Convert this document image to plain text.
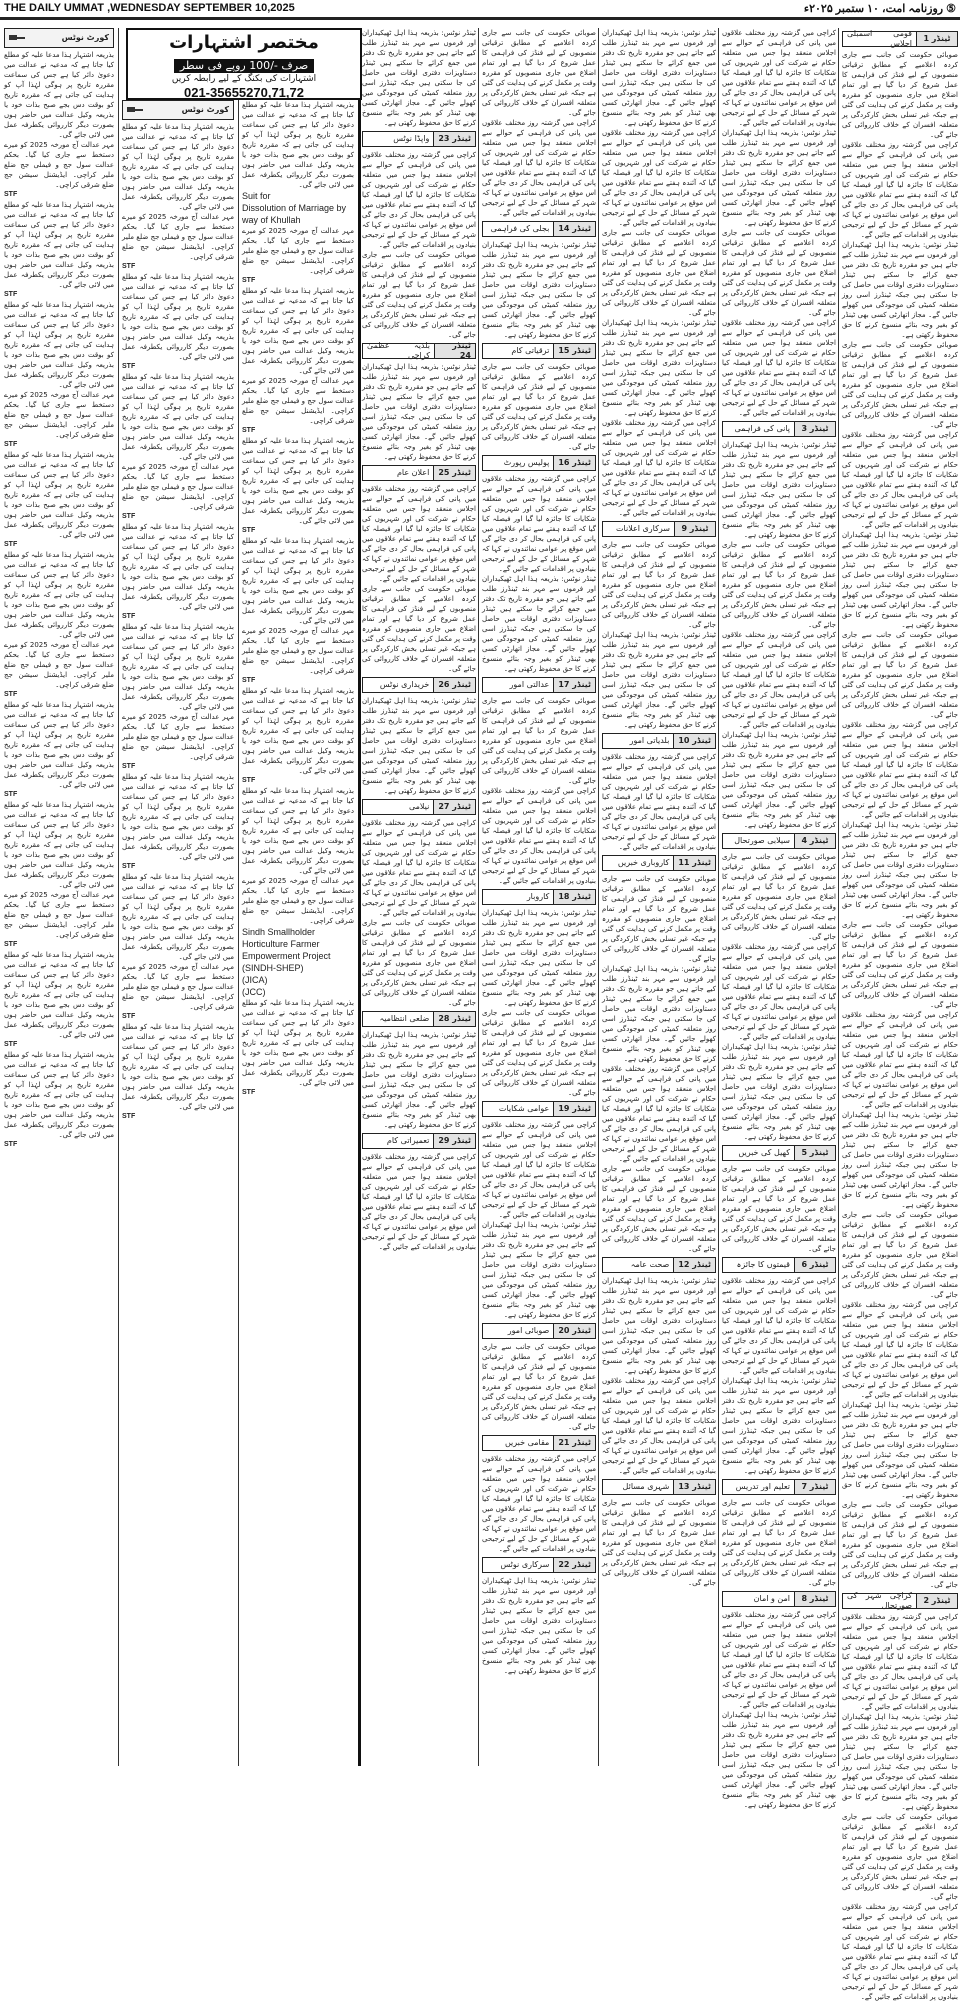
THE DAILY UMMAT ,WEDNESDAY SEPTEMBER 10,2025	⑤ روزنامہ امت، ۱۰ ستمبر ۲۰۲۵ء
ٹینڈر 1
قومی اسمبلی اجلاس
صوبائی حکومت کی جانب سے جاری کردہ اعلامیے کے مطابق ترقیاتی منصوبوں کے لیے فنڈز کی فراہمی کا عمل شروع کر دیا گیا ہے اور تمام اضلاع میں جاری منصوبوں کو مقررہ وقت پر مکمل کرنے کی ہدایت کی گئی ہے جبکہ غیر تسلی بخش کارکردگی پر متعلقہ افسران کے خلاف کارروائی کی جائے گی۔
کراچی میں گزشتہ روز مختلف علاقوں میں پانی کی فراہمی کے حوالے سے اجلاس منعقد ہوا جس میں متعلقہ حکام نے شرکت کی اور شہریوں کی شکایات کا جائزہ لیا گیا اور فیصلہ کیا گیا کہ آئندہ ہفتے سے تمام علاقوں میں پانی کی فراہمی بحال کر دی جائے گی اس موقع پر عوامی نمائندوں نے کہا کہ شہر کے مسائل کے حل کے لیے ترجیحی بنیادوں پر اقدامات کیے جائیں گے۔
ٹینڈر نوٹس: بذریعہ ہذا اہل ٹھیکیداران اور فرموں سے مہر بند ٹینڈرز طلب کیے جاتے ہیں جو مقررہ تاریخ تک دفتر میں جمع کرائے جا سکتے ہیں ٹینڈر دستاویزات دفتری اوقات میں حاصل کی جا سکتی ہیں جبکہ ٹینڈرز اسی روز متعلقہ کمیٹی کی موجودگی میں کھولے جائیں گے۔ مجاز اتھارٹی کسی بھی ٹینڈر کو بغیر وجہ بتائے منسوخ کرنے کا حق محفوظ رکھتی ہے۔
صوبائی حکومت کی جانب سے جاری کردہ اعلامیے کے مطابق ترقیاتی منصوبوں کے لیے فنڈز کی فراہمی کا عمل شروع کر دیا گیا ہے اور تمام اضلاع میں جاری منصوبوں کو مقررہ وقت پر مکمل کرنے کی ہدایت کی گئی ہے جبکہ غیر تسلی بخش کارکردگی پر متعلقہ افسران کے خلاف کارروائی کی جائے گی۔
کراچی میں گزشتہ روز مختلف علاقوں میں پانی کی فراہمی کے حوالے سے اجلاس منعقد ہوا جس میں متعلقہ حکام نے شرکت کی اور شہریوں کی شکایات کا جائزہ لیا گیا اور فیصلہ کیا گیا کہ آئندہ ہفتے سے تمام علاقوں میں پانی کی فراہمی بحال کر دی جائے گی اس موقع پر عوامی نمائندوں نے کہا کہ شہر کے مسائل کے حل کے لیے ترجیحی بنیادوں پر اقدامات کیے جائیں گے۔
ٹینڈر نوٹس: بذریعہ ہذا اہل ٹھیکیداران اور فرموں سے مہر بند ٹینڈرز طلب کیے جاتے ہیں جو مقررہ تاریخ تک دفتر میں جمع کرائے جا سکتے ہیں ٹینڈر دستاویزات دفتری اوقات میں حاصل کی جا سکتی ہیں جبکہ ٹینڈرز اسی روز متعلقہ کمیٹی کی موجودگی میں کھولے جائیں گے۔ مجاز اتھارٹی کسی بھی ٹینڈر کو بغیر وجہ بتائے منسوخ کرنے کا حق محفوظ رکھتی ہے۔
صوبائی حکومت کی جانب سے جاری کردہ اعلامیے کے مطابق ترقیاتی منصوبوں کے لیے فنڈز کی فراہمی کا عمل شروع کر دیا گیا ہے اور تمام اضلاع میں جاری منصوبوں کو مقررہ وقت پر مکمل کرنے کی ہدایت کی گئی ہے جبکہ غیر تسلی بخش کارکردگی پر متعلقہ افسران کے خلاف کارروائی کی جائے گی۔
کراچی میں گزشتہ روز مختلف علاقوں میں پانی کی فراہمی کے حوالے سے اجلاس منعقد ہوا جس میں متعلقہ حکام نے شرکت کی اور شہریوں کی شکایات کا جائزہ لیا گیا اور فیصلہ کیا گیا کہ آئندہ ہفتے سے تمام علاقوں میں پانی کی فراہمی بحال کر دی جائے گی اس موقع پر عوامی نمائندوں نے کہا کہ شہر کے مسائل کے حل کے لیے ترجیحی بنیادوں پر اقدامات کیے جائیں گے۔
ٹینڈر نوٹس: بذریعہ ہذا اہل ٹھیکیداران اور فرموں سے مہر بند ٹینڈرز طلب کیے جاتے ہیں جو مقررہ تاریخ تک دفتر میں جمع کرائے جا سکتے ہیں ٹینڈر دستاویزات دفتری اوقات میں حاصل کی جا سکتی ہیں جبکہ ٹینڈرز اسی روز متعلقہ کمیٹی کی موجودگی میں کھولے جائیں گے۔ مجاز اتھارٹی کسی بھی ٹینڈر کو بغیر وجہ بتائے منسوخ کرنے کا حق محفوظ رکھتی ہے۔
صوبائی حکومت کی جانب سے جاری کردہ اعلامیے کے مطابق ترقیاتی منصوبوں کے لیے فنڈز کی فراہمی کا عمل شروع کر دیا گیا ہے اور تمام اضلاع میں جاری منصوبوں کو مقررہ وقت پر مکمل کرنے کی ہدایت کی گئی ہے جبکہ غیر تسلی بخش کارکردگی پر متعلقہ افسران کے خلاف کارروائی کی جائے گی۔
کراچی میں گزشتہ روز مختلف علاقوں میں پانی کی فراہمی کے حوالے سے اجلاس منعقد ہوا جس میں متعلقہ حکام نے شرکت کی اور شہریوں کی شکایات کا جائزہ لیا گیا اور فیصلہ کیا گیا کہ آئندہ ہفتے سے تمام علاقوں میں پانی کی فراہمی بحال کر دی جائے گی اس موقع پر عوامی نمائندوں نے کہا کہ شہر کے مسائل کے حل کے لیے ترجیحی بنیادوں پر اقدامات کیے جائیں گے۔
ٹینڈر نوٹس: بذریعہ ہذا اہل ٹھیکیداران اور فرموں سے مہر بند ٹینڈرز طلب کیے جاتے ہیں جو مقررہ تاریخ تک دفتر میں جمع کرائے جا سکتے ہیں ٹینڈر دستاویزات دفتری اوقات میں حاصل کی جا سکتی ہیں جبکہ ٹینڈرز اسی روز متعلقہ کمیٹی کی موجودگی میں کھولے جائیں گے۔ مجاز اتھارٹی کسی بھی ٹینڈر کو بغیر وجہ بتائے منسوخ کرنے کا حق محفوظ رکھتی ہے۔
صوبائی حکومت کی جانب سے جاری کردہ اعلامیے کے مطابق ترقیاتی منصوبوں کے لیے فنڈز کی فراہمی کا عمل شروع کر دیا گیا ہے اور تمام اضلاع میں جاری منصوبوں کو مقررہ وقت پر مکمل کرنے کی ہدایت کی گئی ہے جبکہ غیر تسلی بخش کارکردگی پر متعلقہ افسران کے خلاف کارروائی کی جائے گی۔
کراچی میں گزشتہ روز مختلف علاقوں میں پانی کی فراہمی کے حوالے سے اجلاس منعقد ہوا جس میں متعلقہ حکام نے شرکت کی اور شہریوں کی شکایات کا جائزہ لیا گیا اور فیصلہ کیا گیا کہ آئندہ ہفتے سے تمام علاقوں میں پانی کی فراہمی بحال کر دی جائے گی اس موقع پر عوامی نمائندوں نے کہا کہ شہر کے مسائل کے حل کے لیے ترجیحی بنیادوں پر اقدامات کیے جائیں گے۔
ٹینڈر نوٹس: بذریعہ ہذا اہل ٹھیکیداران اور فرموں سے مہر بند ٹینڈرز طلب کیے جاتے ہیں جو مقررہ تاریخ تک دفتر میں جمع کرائے جا سکتے ہیں ٹینڈر دستاویزات دفتری اوقات میں حاصل کی جا سکتی ہیں جبکہ ٹینڈرز اسی روز متعلقہ کمیٹی کی موجودگی میں کھولے جائیں گے۔ مجاز اتھارٹی کسی بھی ٹینڈر کو بغیر وجہ بتائے منسوخ کرنے کا حق محفوظ رکھتی ہے۔
صوبائی حکومت کی جانب سے جاری کردہ اعلامیے کے مطابق ترقیاتی منصوبوں کے لیے فنڈز کی فراہمی کا عمل شروع کر دیا گیا ہے اور تمام اضلاع میں جاری منصوبوں کو مقررہ وقت پر مکمل کرنے کی ہدایت کی گئی ہے جبکہ غیر تسلی بخش کارکردگی پر متعلقہ افسران کے خلاف کارروائی کی جائے گی۔
ٹینڈر 2
کراچی شہر کی صورتحال
کراچی میں گزشتہ روز مختلف علاقوں میں پانی کی فراہمی کے حوالے سے اجلاس منعقد ہوا جس میں متعلقہ حکام نے شرکت کی اور شہریوں کی شکایات کا جائزہ لیا گیا اور فیصلہ کیا گیا کہ آئندہ ہفتے سے تمام علاقوں میں پانی کی فراہمی بحال کر دی جائے گی اس موقع پر عوامی نمائندوں نے کہا کہ شہر کے مسائل کے حل کے لیے ترجیحی بنیادوں پر اقدامات کیے جائیں گے۔
ٹینڈر نوٹس: بذریعہ ہذا اہل ٹھیکیداران اور فرموں سے مہر بند ٹینڈرز طلب کیے جاتے ہیں جو مقررہ تاریخ تک دفتر میں جمع کرائے جا سکتے ہیں ٹینڈر دستاویزات دفتری اوقات میں حاصل کی جا سکتی ہیں جبکہ ٹینڈرز اسی روز متعلقہ کمیٹی کی موجودگی میں کھولے جائیں گے۔ مجاز اتھارٹی کسی بھی ٹینڈر کو بغیر وجہ بتائے منسوخ کرنے کا حق محفوظ رکھتی ہے۔
صوبائی حکومت کی جانب سے جاری کردہ اعلامیے کے مطابق ترقیاتی منصوبوں کے لیے فنڈز کی فراہمی کا عمل شروع کر دیا گیا ہے اور تمام اضلاع میں جاری منصوبوں کو مقررہ وقت پر مکمل کرنے کی ہدایت کی گئی ہے جبکہ غیر تسلی بخش کارکردگی پر متعلقہ افسران کے خلاف کارروائی کی جائے گی۔
کراچی میں گزشتہ روز مختلف علاقوں میں پانی کی فراہمی کے حوالے سے اجلاس منعقد ہوا جس میں متعلقہ حکام نے شرکت کی اور شہریوں کی شکایات کا جائزہ لیا گیا اور فیصلہ کیا گیا کہ آئندہ ہفتے سے تمام علاقوں میں پانی کی فراہمی بحال کر دی جائے گی اس موقع پر عوامی نمائندوں نے کہا کہ شہر کے مسائل کے حل کے لیے ترجیحی بنیادوں پر اقدامات کیے جائیں گے۔
کراچی میں گزشتہ روز مختلف علاقوں میں پانی کی فراہمی کے حوالے سے اجلاس منعقد ہوا جس میں متعلقہ حکام نے شرکت کی اور شہریوں کی شکایات کا جائزہ لیا گیا اور فیصلہ کیا گیا کہ آئندہ ہفتے سے تمام علاقوں میں پانی کی فراہمی بحال کر دی جائے گی اس موقع پر عوامی نمائندوں نے کہا کہ شہر کے مسائل کے حل کے لیے ترجیحی بنیادوں پر اقدامات کیے جائیں گے۔
ٹینڈر نوٹس: بذریعہ ہذا اہل ٹھیکیداران اور فرموں سے مہر بند ٹینڈرز طلب کیے جاتے ہیں جو مقررہ تاریخ تک دفتر میں جمع کرائے جا سکتے ہیں ٹینڈر دستاویزات دفتری اوقات میں حاصل کی جا سکتی ہیں جبکہ ٹینڈرز اسی روز متعلقہ کمیٹی کی موجودگی میں کھولے جائیں گے۔ مجاز اتھارٹی کسی بھی ٹینڈر کو بغیر وجہ بتائے منسوخ کرنے کا حق محفوظ رکھتی ہے۔
صوبائی حکومت کی جانب سے جاری کردہ اعلامیے کے مطابق ترقیاتی منصوبوں کے لیے فنڈز کی فراہمی کا عمل شروع کر دیا گیا ہے اور تمام اضلاع میں جاری منصوبوں کو مقررہ وقت پر مکمل کرنے کی ہدایت کی گئی ہے جبکہ غیر تسلی بخش کارکردگی پر متعلقہ افسران کے خلاف کارروائی کی جائے گی۔
کراچی میں گزشتہ روز مختلف علاقوں میں پانی کی فراہمی کے حوالے سے اجلاس منعقد ہوا جس میں متعلقہ حکام نے شرکت کی اور شہریوں کی شکایات کا جائزہ لیا گیا اور فیصلہ کیا گیا کہ آئندہ ہفتے سے تمام علاقوں میں پانی کی فراہمی بحال کر دی جائے گی اس موقع پر عوامی نمائندوں نے کہا کہ شہر کے مسائل کے حل کے لیے ترجیحی بنیادوں پر اقدامات کیے جائیں گے۔
ٹینڈر 3
پانی کی فراہمی
ٹینڈر نوٹس: بذریعہ ہذا اہل ٹھیکیداران اور فرموں سے مہر بند ٹینڈرز طلب کیے جاتے ہیں جو مقررہ تاریخ تک دفتر میں جمع کرائے جا سکتے ہیں ٹینڈر دستاویزات دفتری اوقات میں حاصل کی جا سکتی ہیں جبکہ ٹینڈرز اسی روز متعلقہ کمیٹی کی موجودگی میں کھولے جائیں گے۔ مجاز اتھارٹی کسی بھی ٹینڈر کو بغیر وجہ بتائے منسوخ کرنے کا حق محفوظ رکھتی ہے۔
صوبائی حکومت کی جانب سے جاری کردہ اعلامیے کے مطابق ترقیاتی منصوبوں کے لیے فنڈز کی فراہمی کا عمل شروع کر دیا گیا ہے اور تمام اضلاع میں جاری منصوبوں کو مقررہ وقت پر مکمل کرنے کی ہدایت کی گئی ہے جبکہ غیر تسلی بخش کارکردگی پر متعلقہ افسران کے خلاف کارروائی کی جائے گی۔
کراچی میں گزشتہ روز مختلف علاقوں میں پانی کی فراہمی کے حوالے سے اجلاس منعقد ہوا جس میں متعلقہ حکام نے شرکت کی اور شہریوں کی شکایات کا جائزہ لیا گیا اور فیصلہ کیا گیا کہ آئندہ ہفتے سے تمام علاقوں میں پانی کی فراہمی بحال کر دی جائے گی اس موقع پر عوامی نمائندوں نے کہا کہ شہر کے مسائل کے حل کے لیے ترجیحی بنیادوں پر اقدامات کیے جائیں گے۔
ٹینڈر نوٹس: بذریعہ ہذا اہل ٹھیکیداران اور فرموں سے مہر بند ٹینڈرز طلب کیے جاتے ہیں جو مقررہ تاریخ تک دفتر میں جمع کرائے جا سکتے ہیں ٹینڈر دستاویزات دفتری اوقات میں حاصل کی جا سکتی ہیں جبکہ ٹینڈرز اسی روز متعلقہ کمیٹی کی موجودگی میں کھولے جائیں گے۔ مجاز اتھارٹی کسی بھی ٹینڈر کو بغیر وجہ بتائے منسوخ کرنے کا حق محفوظ رکھتی ہے۔
ٹینڈر 4
سیلابی صورتحال
صوبائی حکومت کی جانب سے جاری کردہ اعلامیے کے مطابق ترقیاتی منصوبوں کے لیے فنڈز کی فراہمی کا عمل شروع کر دیا گیا ہے اور تمام اضلاع میں جاری منصوبوں کو مقررہ وقت پر مکمل کرنے کی ہدایت کی گئی ہے جبکہ غیر تسلی بخش کارکردگی پر متعلقہ افسران کے خلاف کارروائی کی جائے گی۔
کراچی میں گزشتہ روز مختلف علاقوں میں پانی کی فراہمی کے حوالے سے اجلاس منعقد ہوا جس میں متعلقہ حکام نے شرکت کی اور شہریوں کی شکایات کا جائزہ لیا گیا اور فیصلہ کیا گیا کہ آئندہ ہفتے سے تمام علاقوں میں پانی کی فراہمی بحال کر دی جائے گی اس موقع پر عوامی نمائندوں نے کہا کہ شہر کے مسائل کے حل کے لیے ترجیحی بنیادوں پر اقدامات کیے جائیں گے۔
ٹینڈر نوٹس: بذریعہ ہذا اہل ٹھیکیداران اور فرموں سے مہر بند ٹینڈرز طلب کیے جاتے ہیں جو مقررہ تاریخ تک دفتر میں جمع کرائے جا سکتے ہیں ٹینڈر دستاویزات دفتری اوقات میں حاصل کی جا سکتی ہیں جبکہ ٹینڈرز اسی روز متعلقہ کمیٹی کی موجودگی میں کھولے جائیں گے۔ مجاز اتھارٹی کسی بھی ٹینڈر کو بغیر وجہ بتائے منسوخ کرنے کا حق محفوظ رکھتی ہے۔
ٹینڈر 5
کھیل کی خبریں
صوبائی حکومت کی جانب سے جاری کردہ اعلامیے کے مطابق ترقیاتی منصوبوں کے لیے فنڈز کی فراہمی کا عمل شروع کر دیا گیا ہے اور تمام اضلاع میں جاری منصوبوں کو مقررہ وقت پر مکمل کرنے کی ہدایت کی گئی ہے جبکہ غیر تسلی بخش کارکردگی پر متعلقہ افسران کے خلاف کارروائی کی جائے گی۔
ٹینڈر 6
قیمتوں کا جائزہ
کراچی میں گزشتہ روز مختلف علاقوں میں پانی کی فراہمی کے حوالے سے اجلاس منعقد ہوا جس میں متعلقہ حکام نے شرکت کی اور شہریوں کی شکایات کا جائزہ لیا گیا اور فیصلہ کیا گیا کہ آئندہ ہفتے سے تمام علاقوں میں پانی کی فراہمی بحال کر دی جائے گی اس موقع پر عوامی نمائندوں نے کہا کہ شہر کے مسائل کے حل کے لیے ترجیحی بنیادوں پر اقدامات کیے جائیں گے۔
ٹینڈر نوٹس: بذریعہ ہذا اہل ٹھیکیداران اور فرموں سے مہر بند ٹینڈرز طلب کیے جاتے ہیں جو مقررہ تاریخ تک دفتر میں جمع کرائے جا سکتے ہیں ٹینڈر دستاویزات دفتری اوقات میں حاصل کی جا سکتی ہیں جبکہ ٹینڈرز اسی روز متعلقہ کمیٹی کی موجودگی میں کھولے جائیں گے۔ مجاز اتھارٹی کسی بھی ٹینڈر کو بغیر وجہ بتائے منسوخ کرنے کا حق محفوظ رکھتی ہے۔
ٹینڈر 7
تعلیم اور تدریس
صوبائی حکومت کی جانب سے جاری کردہ اعلامیے کے مطابق ترقیاتی منصوبوں کے لیے فنڈز کی فراہمی کا عمل شروع کر دیا گیا ہے اور تمام اضلاع میں جاری منصوبوں کو مقررہ وقت پر مکمل کرنے کی ہدایت کی گئی ہے جبکہ غیر تسلی بخش کارکردگی پر متعلقہ افسران کے خلاف کارروائی کی جائے گی۔
ٹینڈر 8
امن و امان
کراچی میں گزشتہ روز مختلف علاقوں میں پانی کی فراہمی کے حوالے سے اجلاس منعقد ہوا جس میں متعلقہ حکام نے شرکت کی اور شہریوں کی شکایات کا جائزہ لیا گیا اور فیصلہ کیا گیا کہ آئندہ ہفتے سے تمام علاقوں میں پانی کی فراہمی بحال کر دی جائے گی اس موقع پر عوامی نمائندوں نے کہا کہ شہر کے مسائل کے حل کے لیے ترجیحی بنیادوں پر اقدامات کیے جائیں گے۔
ٹینڈر نوٹس: بذریعہ ہذا اہل ٹھیکیداران اور فرموں سے مہر بند ٹینڈرز طلب کیے جاتے ہیں جو مقررہ تاریخ تک دفتر میں جمع کرائے جا سکتے ہیں ٹینڈر دستاویزات دفتری اوقات میں حاصل کی جا سکتی ہیں جبکہ ٹینڈرز اسی روز متعلقہ کمیٹی کی موجودگی میں کھولے جائیں گے۔ مجاز اتھارٹی کسی بھی ٹینڈر کو بغیر وجہ بتائے منسوخ کرنے کا حق محفوظ رکھتی ہے۔
ٹینڈر نوٹس: بذریعہ ہذا اہل ٹھیکیداران اور فرموں سے مہر بند ٹینڈرز طلب کیے جاتے ہیں جو مقررہ تاریخ تک دفتر میں جمع کرائے جا سکتے ہیں ٹینڈر دستاویزات دفتری اوقات میں حاصل کی جا سکتی ہیں جبکہ ٹینڈرز اسی روز متعلقہ کمیٹی کی موجودگی میں کھولے جائیں گے۔ مجاز اتھارٹی کسی بھی ٹینڈر کو بغیر وجہ بتائے منسوخ کرنے کا حق محفوظ رکھتی ہے۔
کراچی میں گزشتہ روز مختلف علاقوں میں پانی کی فراہمی کے حوالے سے اجلاس منعقد ہوا جس میں متعلقہ حکام نے شرکت کی اور شہریوں کی شکایات کا جائزہ لیا گیا اور فیصلہ کیا گیا کہ آئندہ ہفتے سے تمام علاقوں میں پانی کی فراہمی بحال کر دی جائے گی اس موقع پر عوامی نمائندوں نے کہا کہ شہر کے مسائل کے حل کے لیے ترجیحی بنیادوں پر اقدامات کیے جائیں گے۔
صوبائی حکومت کی جانب سے جاری کردہ اعلامیے کے مطابق ترقیاتی منصوبوں کے لیے فنڈز کی فراہمی کا عمل شروع کر دیا گیا ہے اور تمام اضلاع میں جاری منصوبوں کو مقررہ وقت پر مکمل کرنے کی ہدایت کی گئی ہے جبکہ غیر تسلی بخش کارکردگی پر متعلقہ افسران کے خلاف کارروائی کی جائے گی۔
ٹینڈر نوٹس: بذریعہ ہذا اہل ٹھیکیداران اور فرموں سے مہر بند ٹینڈرز طلب کیے جاتے ہیں جو مقررہ تاریخ تک دفتر میں جمع کرائے جا سکتے ہیں ٹینڈر دستاویزات دفتری اوقات میں حاصل کی جا سکتی ہیں جبکہ ٹینڈرز اسی روز متعلقہ کمیٹی کی موجودگی میں کھولے جائیں گے۔ مجاز اتھارٹی کسی بھی ٹینڈر کو بغیر وجہ بتائے منسوخ کرنے کا حق محفوظ رکھتی ہے۔
کراچی میں گزشتہ روز مختلف علاقوں میں پانی کی فراہمی کے حوالے سے اجلاس منعقد ہوا جس میں متعلقہ حکام نے شرکت کی اور شہریوں کی شکایات کا جائزہ لیا گیا اور فیصلہ کیا گیا کہ آئندہ ہفتے سے تمام علاقوں میں پانی کی فراہمی بحال کر دی جائے گی اس موقع پر عوامی نمائندوں نے کہا کہ شہر کے مسائل کے حل کے لیے ترجیحی بنیادوں پر اقدامات کیے جائیں گے۔
ٹینڈر 9
سرکاری اعلانات
صوبائی حکومت کی جانب سے جاری کردہ اعلامیے کے مطابق ترقیاتی منصوبوں کے لیے فنڈز کی فراہمی کا عمل شروع کر دیا گیا ہے اور تمام اضلاع میں جاری منصوبوں کو مقررہ وقت پر مکمل کرنے کی ہدایت کی گئی ہے جبکہ غیر تسلی بخش کارکردگی پر متعلقہ افسران کے خلاف کارروائی کی جائے گی۔
ٹینڈر نوٹس: بذریعہ ہذا اہل ٹھیکیداران اور فرموں سے مہر بند ٹینڈرز طلب کیے جاتے ہیں جو مقررہ تاریخ تک دفتر میں جمع کرائے جا سکتے ہیں ٹینڈر دستاویزات دفتری اوقات میں حاصل کی جا سکتی ہیں جبکہ ٹینڈرز اسی روز متعلقہ کمیٹی کی موجودگی میں کھولے جائیں گے۔ مجاز اتھارٹی کسی بھی ٹینڈر کو بغیر وجہ بتائے منسوخ کرنے کا حق محفوظ رکھتی ہے۔
ٹینڈر 10
بلدیاتی امور
کراچی میں گزشتہ روز مختلف علاقوں میں پانی کی فراہمی کے حوالے سے اجلاس منعقد ہوا جس میں متعلقہ حکام نے شرکت کی اور شہریوں کی شکایات کا جائزہ لیا گیا اور فیصلہ کیا گیا کہ آئندہ ہفتے سے تمام علاقوں میں پانی کی فراہمی بحال کر دی جائے گی اس موقع پر عوامی نمائندوں نے کہا کہ شہر کے مسائل کے حل کے لیے ترجیحی بنیادوں پر اقدامات کیے جائیں گے۔
ٹینڈر 11
کاروباری خبریں
صوبائی حکومت کی جانب سے جاری کردہ اعلامیے کے مطابق ترقیاتی منصوبوں کے لیے فنڈز کی فراہمی کا عمل شروع کر دیا گیا ہے اور تمام اضلاع میں جاری منصوبوں کو مقررہ وقت پر مکمل کرنے کی ہدایت کی گئی ہے جبکہ غیر تسلی بخش کارکردگی پر متعلقہ افسران کے خلاف کارروائی کی جائے گی۔
ٹینڈر نوٹس: بذریعہ ہذا اہل ٹھیکیداران اور فرموں سے مہر بند ٹینڈرز طلب کیے جاتے ہیں جو مقررہ تاریخ تک دفتر میں جمع کرائے جا سکتے ہیں ٹینڈر دستاویزات دفتری اوقات میں حاصل کی جا سکتی ہیں جبکہ ٹینڈرز اسی روز متعلقہ کمیٹی کی موجودگی میں کھولے جائیں گے۔ مجاز اتھارٹی کسی بھی ٹینڈر کو بغیر وجہ بتائے منسوخ کرنے کا حق محفوظ رکھتی ہے۔
کراچی میں گزشتہ روز مختلف علاقوں میں پانی کی فراہمی کے حوالے سے اجلاس منعقد ہوا جس میں متعلقہ حکام نے شرکت کی اور شہریوں کی شکایات کا جائزہ لیا گیا اور فیصلہ کیا گیا کہ آئندہ ہفتے سے تمام علاقوں میں پانی کی فراہمی بحال کر دی جائے گی اس موقع پر عوامی نمائندوں نے کہا کہ شہر کے مسائل کے حل کے لیے ترجیحی بنیادوں پر اقدامات کیے جائیں گے۔
صوبائی حکومت کی جانب سے جاری کردہ اعلامیے کے مطابق ترقیاتی منصوبوں کے لیے فنڈز کی فراہمی کا عمل شروع کر دیا گیا ہے اور تمام اضلاع میں جاری منصوبوں کو مقررہ وقت پر مکمل کرنے کی ہدایت کی گئی ہے جبکہ غیر تسلی بخش کارکردگی پر متعلقہ افسران کے خلاف کارروائی کی جائے گی۔
ٹینڈر 12
صحت عامہ
ٹینڈر نوٹس: بذریعہ ہذا اہل ٹھیکیداران اور فرموں سے مہر بند ٹینڈرز طلب کیے جاتے ہیں جو مقررہ تاریخ تک دفتر میں جمع کرائے جا سکتے ہیں ٹینڈر دستاویزات دفتری اوقات میں حاصل کی جا سکتی ہیں جبکہ ٹینڈرز اسی روز متعلقہ کمیٹی کی موجودگی میں کھولے جائیں گے۔ مجاز اتھارٹی کسی بھی ٹینڈر کو بغیر وجہ بتائے منسوخ کرنے کا حق محفوظ رکھتی ہے۔
کراچی میں گزشتہ روز مختلف علاقوں میں پانی کی فراہمی کے حوالے سے اجلاس منعقد ہوا جس میں متعلقہ حکام نے شرکت کی اور شہریوں کی شکایات کا جائزہ لیا گیا اور فیصلہ کیا گیا کہ آئندہ ہفتے سے تمام علاقوں میں پانی کی فراہمی بحال کر دی جائے گی اس موقع پر عوامی نمائندوں نے کہا کہ شہر کے مسائل کے حل کے لیے ترجیحی بنیادوں پر اقدامات کیے جائیں گے۔
ٹینڈر 13
شہری مسائل
صوبائی حکومت کی جانب سے جاری کردہ اعلامیے کے مطابق ترقیاتی منصوبوں کے لیے فنڈز کی فراہمی کا عمل شروع کر دیا گیا ہے اور تمام اضلاع میں جاری منصوبوں کو مقررہ وقت پر مکمل کرنے کی ہدایت کی گئی ہے جبکہ غیر تسلی بخش کارکردگی پر متعلقہ افسران کے خلاف کارروائی کی جائے گی۔
صوبائی حکومت کی جانب سے جاری کردہ اعلامیے کے مطابق ترقیاتی منصوبوں کے لیے فنڈز کی فراہمی کا عمل شروع کر دیا گیا ہے اور تمام اضلاع میں جاری منصوبوں کو مقررہ وقت پر مکمل کرنے کی ہدایت کی گئی ہے جبکہ غیر تسلی بخش کارکردگی پر متعلقہ افسران کے خلاف کارروائی کی جائے گی۔
کراچی میں گزشتہ روز مختلف علاقوں میں پانی کی فراہمی کے حوالے سے اجلاس منعقد ہوا جس میں متعلقہ حکام نے شرکت کی اور شہریوں کی شکایات کا جائزہ لیا گیا اور فیصلہ کیا گیا کہ آئندہ ہفتے سے تمام علاقوں میں پانی کی فراہمی بحال کر دی جائے گی اس موقع پر عوامی نمائندوں نے کہا کہ شہر کے مسائل کے حل کے لیے ترجیحی بنیادوں پر اقدامات کیے جائیں گے۔
ٹینڈر 14
بجلی کی فراہمی
ٹینڈر نوٹس: بذریعہ ہذا اہل ٹھیکیداران اور فرموں سے مہر بند ٹینڈرز طلب کیے جاتے ہیں جو مقررہ تاریخ تک دفتر میں جمع کرائے جا سکتے ہیں ٹینڈر دستاویزات دفتری اوقات میں حاصل کی جا سکتی ہیں جبکہ ٹینڈرز اسی روز متعلقہ کمیٹی کی موجودگی میں کھولے جائیں گے۔ مجاز اتھارٹی کسی بھی ٹینڈر کو بغیر وجہ بتائے منسوخ کرنے کا حق محفوظ رکھتی ہے۔
ٹینڈر 15
ترقیاتی کام
صوبائی حکومت کی جانب سے جاری کردہ اعلامیے کے مطابق ترقیاتی منصوبوں کے لیے فنڈز کی فراہمی کا عمل شروع کر دیا گیا ہے اور تمام اضلاع میں جاری منصوبوں کو مقررہ وقت پر مکمل کرنے کی ہدایت کی گئی ہے جبکہ غیر تسلی بخش کارکردگی پر متعلقہ افسران کے خلاف کارروائی کی جائے گی۔
ٹینڈر 16
پولیس رپورٹ
کراچی میں گزشتہ روز مختلف علاقوں میں پانی کی فراہمی کے حوالے سے اجلاس منعقد ہوا جس میں متعلقہ حکام نے شرکت کی اور شہریوں کی شکایات کا جائزہ لیا گیا اور فیصلہ کیا گیا کہ آئندہ ہفتے سے تمام علاقوں میں پانی کی فراہمی بحال کر دی جائے گی اس موقع پر عوامی نمائندوں نے کہا کہ شہر کے مسائل کے حل کے لیے ترجیحی بنیادوں پر اقدامات کیے جائیں گے۔
ٹینڈر نوٹس: بذریعہ ہذا اہل ٹھیکیداران اور فرموں سے مہر بند ٹینڈرز طلب کیے جاتے ہیں جو مقررہ تاریخ تک دفتر میں جمع کرائے جا سکتے ہیں ٹینڈر دستاویزات دفتری اوقات میں حاصل کی جا سکتی ہیں جبکہ ٹینڈرز اسی روز متعلقہ کمیٹی کی موجودگی میں کھولے جائیں گے۔ مجاز اتھارٹی کسی بھی ٹینڈر کو بغیر وجہ بتائے منسوخ کرنے کا حق محفوظ رکھتی ہے۔
ٹینڈر 17
عدالتی امور
صوبائی حکومت کی جانب سے جاری کردہ اعلامیے کے مطابق ترقیاتی منصوبوں کے لیے فنڈز کی فراہمی کا عمل شروع کر دیا گیا ہے اور تمام اضلاع میں جاری منصوبوں کو مقررہ وقت پر مکمل کرنے کی ہدایت کی گئی ہے جبکہ غیر تسلی بخش کارکردگی پر متعلقہ افسران کے خلاف کارروائی کی جائے گی۔
کراچی میں گزشتہ روز مختلف علاقوں میں پانی کی فراہمی کے حوالے سے اجلاس منعقد ہوا جس میں متعلقہ حکام نے شرکت کی اور شہریوں کی شکایات کا جائزہ لیا گیا اور فیصلہ کیا گیا کہ آئندہ ہفتے سے تمام علاقوں میں پانی کی فراہمی بحال کر دی جائے گی اس موقع پر عوامی نمائندوں نے کہا کہ شہر کے مسائل کے حل کے لیے ترجیحی بنیادوں پر اقدامات کیے جائیں گے۔
ٹینڈر 18
کاروبار
ٹینڈر نوٹس: بذریعہ ہذا اہل ٹھیکیداران اور فرموں سے مہر بند ٹینڈرز طلب کیے جاتے ہیں جو مقررہ تاریخ تک دفتر میں جمع کرائے جا سکتے ہیں ٹینڈر دستاویزات دفتری اوقات میں حاصل کی جا سکتی ہیں جبکہ ٹینڈرز اسی روز متعلقہ کمیٹی کی موجودگی میں کھولے جائیں گے۔ مجاز اتھارٹی کسی بھی ٹینڈر کو بغیر وجہ بتائے منسوخ کرنے کا حق محفوظ رکھتی ہے۔
صوبائی حکومت کی جانب سے جاری کردہ اعلامیے کے مطابق ترقیاتی منصوبوں کے لیے فنڈز کی فراہمی کا عمل شروع کر دیا گیا ہے اور تمام اضلاع میں جاری منصوبوں کو مقررہ وقت پر مکمل کرنے کی ہدایت کی گئی ہے جبکہ غیر تسلی بخش کارکردگی پر متعلقہ افسران کے خلاف کارروائی کی جائے گی۔
ٹینڈر 19
عوامی شکایات
کراچی میں گزشتہ روز مختلف علاقوں میں پانی کی فراہمی کے حوالے سے اجلاس منعقد ہوا جس میں متعلقہ حکام نے شرکت کی اور شہریوں کی شکایات کا جائزہ لیا گیا اور فیصلہ کیا گیا کہ آئندہ ہفتے سے تمام علاقوں میں پانی کی فراہمی بحال کر دی جائے گی اس موقع پر عوامی نمائندوں نے کہا کہ شہر کے مسائل کے حل کے لیے ترجیحی بنیادوں پر اقدامات کیے جائیں گے۔
ٹینڈر نوٹس: بذریعہ ہذا اہل ٹھیکیداران اور فرموں سے مہر بند ٹینڈرز طلب کیے جاتے ہیں جو مقررہ تاریخ تک دفتر میں جمع کرائے جا سکتے ہیں ٹینڈر دستاویزات دفتری اوقات میں حاصل کی جا سکتی ہیں جبکہ ٹینڈرز اسی روز متعلقہ کمیٹی کی موجودگی میں کھولے جائیں گے۔ مجاز اتھارٹی کسی بھی ٹینڈر کو بغیر وجہ بتائے منسوخ کرنے کا حق محفوظ رکھتی ہے۔
ٹینڈر 20
صوبائی امور
صوبائی حکومت کی جانب سے جاری کردہ اعلامیے کے مطابق ترقیاتی منصوبوں کے لیے فنڈز کی فراہمی کا عمل شروع کر دیا گیا ہے اور تمام اضلاع میں جاری منصوبوں کو مقررہ وقت پر مکمل کرنے کی ہدایت کی گئی ہے جبکہ غیر تسلی بخش کارکردگی پر متعلقہ افسران کے خلاف کارروائی کی جائے گی۔
ٹینڈر 21
مقامی خبریں
کراچی میں گزشتہ روز مختلف علاقوں میں پانی کی فراہمی کے حوالے سے اجلاس منعقد ہوا جس میں متعلقہ حکام نے شرکت کی اور شہریوں کی شکایات کا جائزہ لیا گیا اور فیصلہ کیا گیا کہ آئندہ ہفتے سے تمام علاقوں میں پانی کی فراہمی بحال کر دی جائے گی اس موقع پر عوامی نمائندوں نے کہا کہ شہر کے مسائل کے حل کے لیے ترجیحی بنیادوں پر اقدامات کیے جائیں گے۔
ٹینڈر 22
سرکاری نوٹس
ٹینڈر نوٹس: بذریعہ ہذا اہل ٹھیکیداران اور فرموں سے مہر بند ٹینڈرز طلب کیے جاتے ہیں جو مقررہ تاریخ تک دفتر میں جمع کرائے جا سکتے ہیں ٹینڈر دستاویزات دفتری اوقات میں حاصل کی جا سکتی ہیں جبکہ ٹینڈرز اسی روز متعلقہ کمیٹی کی موجودگی میں کھولے جائیں گے۔ مجاز اتھارٹی کسی بھی ٹینڈر کو بغیر وجہ بتائے منسوخ کرنے کا حق محفوظ رکھتی ہے۔
ٹینڈر نوٹس: بذریعہ ہذا اہل ٹھیکیداران اور فرموں سے مہر بند ٹینڈرز طلب کیے جاتے ہیں جو مقررہ تاریخ تک دفتر میں جمع کرائے جا سکتے ہیں ٹینڈر دستاویزات دفتری اوقات میں حاصل کی جا سکتی ہیں جبکہ ٹینڈرز اسی روز متعلقہ کمیٹی کی موجودگی میں کھولے جائیں گے۔ مجاز اتھارٹی کسی بھی ٹینڈر کو بغیر وجہ بتائے منسوخ کرنے کا حق محفوظ رکھتی ہے۔
ٹینڈر 23
واپڈا نوٹس
کراچی میں گزشتہ روز مختلف علاقوں میں پانی کی فراہمی کے حوالے سے اجلاس منعقد ہوا جس میں متعلقہ حکام نے شرکت کی اور شہریوں کی شکایات کا جائزہ لیا گیا اور فیصلہ کیا گیا کہ آئندہ ہفتے سے تمام علاقوں میں پانی کی فراہمی بحال کر دی جائے گی اس موقع پر عوامی نمائندوں نے کہا کہ شہر کے مسائل کے حل کے لیے ترجیحی بنیادوں پر اقدامات کیے جائیں گے۔
صوبائی حکومت کی جانب سے جاری کردہ اعلامیے کے مطابق ترقیاتی منصوبوں کے لیے فنڈز کی فراہمی کا عمل شروع کر دیا گیا ہے اور تمام اضلاع میں جاری منصوبوں کو مقررہ وقت پر مکمل کرنے کی ہدایت کی گئی ہے جبکہ غیر تسلی بخش کارکردگی پر متعلقہ افسران کے خلاف کارروائی کی جائے گی۔
ٹینڈر 24
بلدیہ عظمیٰ کراچی
ٹینڈر نوٹس: بذریعہ ہذا اہل ٹھیکیداران اور فرموں سے مہر بند ٹینڈرز طلب کیے جاتے ہیں جو مقررہ تاریخ تک دفتر میں جمع کرائے جا سکتے ہیں ٹینڈر دستاویزات دفتری اوقات میں حاصل کی جا سکتی ہیں جبکہ ٹینڈرز اسی روز متعلقہ کمیٹی کی موجودگی میں کھولے جائیں گے۔ مجاز اتھارٹی کسی بھی ٹینڈر کو بغیر وجہ بتائے منسوخ کرنے کا حق محفوظ رکھتی ہے۔
ٹینڈر 25
اعلان عام
کراچی میں گزشتہ روز مختلف علاقوں میں پانی کی فراہمی کے حوالے سے اجلاس منعقد ہوا جس میں متعلقہ حکام نے شرکت کی اور شہریوں کی شکایات کا جائزہ لیا گیا اور فیصلہ کیا گیا کہ آئندہ ہفتے سے تمام علاقوں میں پانی کی فراہمی بحال کر دی جائے گی اس موقع پر عوامی نمائندوں نے کہا کہ شہر کے مسائل کے حل کے لیے ترجیحی بنیادوں پر اقدامات کیے جائیں گے۔
صوبائی حکومت کی جانب سے جاری کردہ اعلامیے کے مطابق ترقیاتی منصوبوں کے لیے فنڈز کی فراہمی کا عمل شروع کر دیا گیا ہے اور تمام اضلاع میں جاری منصوبوں کو مقررہ وقت پر مکمل کرنے کی ہدایت کی گئی ہے جبکہ غیر تسلی بخش کارکردگی پر متعلقہ افسران کے خلاف کارروائی کی جائے گی۔
ٹینڈر 26
خریداری نوٹس
ٹینڈر نوٹس: بذریعہ ہذا اہل ٹھیکیداران اور فرموں سے مہر بند ٹینڈرز طلب کیے جاتے ہیں جو مقررہ تاریخ تک دفتر میں جمع کرائے جا سکتے ہیں ٹینڈر دستاویزات دفتری اوقات میں حاصل کی جا سکتی ہیں جبکہ ٹینڈرز اسی روز متعلقہ کمیٹی کی موجودگی میں کھولے جائیں گے۔ مجاز اتھارٹی کسی بھی ٹینڈر کو بغیر وجہ بتائے منسوخ کرنے کا حق محفوظ رکھتی ہے۔
ٹینڈر 27
نیلامی
کراچی میں گزشتہ روز مختلف علاقوں میں پانی کی فراہمی کے حوالے سے اجلاس منعقد ہوا جس میں متعلقہ حکام نے شرکت کی اور شہریوں کی شکایات کا جائزہ لیا گیا اور فیصلہ کیا گیا کہ آئندہ ہفتے سے تمام علاقوں میں پانی کی فراہمی بحال کر دی جائے گی اس موقع پر عوامی نمائندوں نے کہا کہ شہر کے مسائل کے حل کے لیے ترجیحی بنیادوں پر اقدامات کیے جائیں گے۔
صوبائی حکومت کی جانب سے جاری کردہ اعلامیے کے مطابق ترقیاتی منصوبوں کے لیے فنڈز کی فراہمی کا عمل شروع کر دیا گیا ہے اور تمام اضلاع میں جاری منصوبوں کو مقررہ وقت پر مکمل کرنے کی ہدایت کی گئی ہے جبکہ غیر تسلی بخش کارکردگی پر متعلقہ افسران کے خلاف کارروائی کی جائے گی۔
ٹینڈر 28
ضلعی انتظامیہ
ٹینڈر نوٹس: بذریعہ ہذا اہل ٹھیکیداران اور فرموں سے مہر بند ٹینڈرز طلب کیے جاتے ہیں جو مقررہ تاریخ تک دفتر میں جمع کرائے جا سکتے ہیں ٹینڈر دستاویزات دفتری اوقات میں حاصل کی جا سکتی ہیں جبکہ ٹینڈرز اسی روز متعلقہ کمیٹی کی موجودگی میں کھولے جائیں گے۔ مجاز اتھارٹی کسی بھی ٹینڈر کو بغیر وجہ بتائے منسوخ کرنے کا حق محفوظ رکھتی ہے۔
ٹینڈر 29
تعمیراتی کام
کراچی میں گزشتہ روز مختلف علاقوں میں پانی کی فراہمی کے حوالے سے اجلاس منعقد ہوا جس میں متعلقہ حکام نے شرکت کی اور شہریوں کی شکایات کا جائزہ لیا گیا اور فیصلہ کیا گیا کہ آئندہ ہفتے سے تمام علاقوں میں پانی کی فراہمی بحال کر دی جائے گی اس موقع پر عوامی نمائندوں نے کہا کہ شہر کے مسائل کے حل کے لیے ترجیحی بنیادوں پر اقدامات کیے جائیں گے۔
مختصر اشتہارات
صرف -/100 روپے فی سطر
اشتہارات کی بکنگ کے لیے رابطہ کریں
021-35655270,71,72
بذریعہ اشتہار ہذا مدعا علیہ کو مطلع کیا جاتا ہے کہ مدعیہ نے عدالت میں دعویٰ دائر کیا ہے جس کی سماعت مقررہ تاریخ پر ہوگی لہٰذا آپ کو ہدایت کی جاتی ہے کہ مقررہ تاریخ کو بوقت دس بجے صبح بذات خود یا بذریعہ وکیل عدالت میں حاضر ہوں بصورت دیگر کارروائی یکطرفہ عمل میں لائی جائے گی۔
Suit for
Dissolution of Marriage by way of Khullah
مہر عدالت آج مورخہ 2025 کو میرے دستخط سے جاری کیا گیا۔ بحکم عدالت سول جج و فیملی جج ضلع ملیر کراچی۔ ایڈیشنل سیشن جج ضلع شرقی کراچی۔
STF
بذریعہ اشتہار ہذا مدعا علیہ کو مطلع کیا جاتا ہے کہ مدعیہ نے عدالت میں دعویٰ دائر کیا ہے جس کی سماعت مقررہ تاریخ پر ہوگی لہٰذا آپ کو ہدایت کی جاتی ہے کہ مقررہ تاریخ کو بوقت دس بجے صبح بذات خود یا بذریعہ وکیل عدالت میں حاضر ہوں بصورت دیگر کارروائی یکطرفہ عمل میں لائی جائے گی۔
مہر عدالت آج مورخہ 2025 کو میرے دستخط سے جاری کیا گیا۔ بحکم عدالت سول جج و فیملی جج ضلع ملیر کراچی۔ ایڈیشنل سیشن جج ضلع شرقی کراچی۔
STF
بذریعہ اشتہار ہذا مدعا علیہ کو مطلع کیا جاتا ہے کہ مدعیہ نے عدالت میں دعویٰ دائر کیا ہے جس کی سماعت مقررہ تاریخ پر ہوگی لہٰذا آپ کو ہدایت کی جاتی ہے کہ مقررہ تاریخ کو بوقت دس بجے صبح بذات خود یا بذریعہ وکیل عدالت میں حاضر ہوں بصورت دیگر کارروائی یکطرفہ عمل میں لائی جائے گی۔
STF
بذریعہ اشتہار ہذا مدعا علیہ کو مطلع کیا جاتا ہے کہ مدعیہ نے عدالت میں دعویٰ دائر کیا ہے جس کی سماعت مقررہ تاریخ پر ہوگی لہٰذا آپ کو ہدایت کی جاتی ہے کہ مقررہ تاریخ کو بوقت دس بجے صبح بذات خود یا بذریعہ وکیل عدالت میں حاضر ہوں بصورت دیگر کارروائی یکطرفہ عمل میں لائی جائے گی۔
مہر عدالت آج مورخہ 2025 کو میرے دستخط سے جاری کیا گیا۔ بحکم عدالت سول جج و فیملی جج ضلع ملیر کراچی۔ ایڈیشنل سیشن جج ضلع شرقی کراچی۔
STF
بذریعہ اشتہار ہذا مدعا علیہ کو مطلع کیا جاتا ہے کہ مدعیہ نے عدالت میں دعویٰ دائر کیا ہے جس کی سماعت مقررہ تاریخ پر ہوگی لہٰذا آپ کو ہدایت کی جاتی ہے کہ مقررہ تاریخ کو بوقت دس بجے صبح بذات خود یا بذریعہ وکیل عدالت میں حاضر ہوں بصورت دیگر کارروائی یکطرفہ عمل میں لائی جائے گی۔
STF
بذریعہ اشتہار ہذا مدعا علیہ کو مطلع کیا جاتا ہے کہ مدعیہ نے عدالت میں دعویٰ دائر کیا ہے جس کی سماعت مقررہ تاریخ پر ہوگی لہٰذا آپ کو ہدایت کی جاتی ہے کہ مقررہ تاریخ کو بوقت دس بجے صبح بذات خود یا بذریعہ وکیل عدالت میں حاضر ہوں بصورت دیگر کارروائی یکطرفہ عمل میں لائی جائے گی۔
مہر عدالت آج مورخہ 2025 کو میرے دستخط سے جاری کیا گیا۔ بحکم عدالت سول جج و فیملی جج ضلع ملیر کراچی۔ ایڈیشنل سیشن جج ضلع شرقی کراچی۔
Sindh Smallholder
Horticulture Farmer
Empowerment Project
(SINDH-SHEP)
(JICA)
(JCC)
بذریعہ اشتہار ہذا مدعا علیہ کو مطلع کیا جاتا ہے کہ مدعیہ نے عدالت میں دعویٰ دائر کیا ہے جس کی سماعت مقررہ تاریخ پر ہوگی لہٰذا آپ کو ہدایت کی جاتی ہے کہ مقررہ تاریخ کو بوقت دس بجے صبح بذات خود یا بذریعہ وکیل عدالت میں حاضر ہوں بصورت دیگر کارروائی یکطرفہ عمل میں لائی جائے گی۔
STF
کورٹ نوٹس
بذریعہ اشتہار ہذا مدعا علیہ کو مطلع کیا جاتا ہے کہ مدعیہ نے عدالت میں دعویٰ دائر کیا ہے جس کی سماعت مقررہ تاریخ پر ہوگی لہٰذا آپ کو ہدایت کی جاتی ہے کہ مقررہ تاریخ کو بوقت دس بجے صبح بذات خود یا بذریعہ وکیل عدالت میں حاضر ہوں بصورت دیگر کارروائی یکطرفہ عمل میں لائی جائے گی۔
مہر عدالت آج مورخہ 2025 کو میرے دستخط سے جاری کیا گیا۔ بحکم عدالت سول جج و فیملی جج ضلع ملیر کراچی۔ ایڈیشنل سیشن جج ضلع شرقی کراچی۔
STF
بذریعہ اشتہار ہذا مدعا علیہ کو مطلع کیا جاتا ہے کہ مدعیہ نے عدالت میں دعویٰ دائر کیا ہے جس کی سماعت مقررہ تاریخ پر ہوگی لہٰذا آپ کو ہدایت کی جاتی ہے کہ مقررہ تاریخ کو بوقت دس بجے صبح بذات خود یا بذریعہ وکیل عدالت میں حاضر ہوں بصورت دیگر کارروائی یکطرفہ عمل میں لائی جائے گی۔
STF
بذریعہ اشتہار ہذا مدعا علیہ کو مطلع کیا جاتا ہے کہ مدعیہ نے عدالت میں دعویٰ دائر کیا ہے جس کی سماعت مقررہ تاریخ پر ہوگی لہٰذا آپ کو ہدایت کی جاتی ہے کہ مقررہ تاریخ کو بوقت دس بجے صبح بذات خود یا بذریعہ وکیل عدالت میں حاضر ہوں بصورت دیگر کارروائی یکطرفہ عمل میں لائی جائے گی۔
مہر عدالت آج مورخہ 2025 کو میرے دستخط سے جاری کیا گیا۔ بحکم عدالت سول جج و فیملی جج ضلع ملیر کراچی۔ ایڈیشنل سیشن جج ضلع شرقی کراچی۔
STF
بذریعہ اشتہار ہذا مدعا علیہ کو مطلع کیا جاتا ہے کہ مدعیہ نے عدالت میں دعویٰ دائر کیا ہے جس کی سماعت مقررہ تاریخ پر ہوگی لہٰذا آپ کو ہدایت کی جاتی ہے کہ مقررہ تاریخ کو بوقت دس بجے صبح بذات خود یا بذریعہ وکیل عدالت میں حاضر ہوں بصورت دیگر کارروائی یکطرفہ عمل میں لائی جائے گی۔
STF
بذریعہ اشتہار ہذا مدعا علیہ کو مطلع کیا جاتا ہے کہ مدعیہ نے عدالت میں دعویٰ دائر کیا ہے جس کی سماعت مقررہ تاریخ پر ہوگی لہٰذا آپ کو ہدایت کی جاتی ہے کہ مقررہ تاریخ کو بوقت دس بجے صبح بذات خود یا بذریعہ وکیل عدالت میں حاضر ہوں بصورت دیگر کارروائی یکطرفہ عمل میں لائی جائے گی۔
مہر عدالت آج مورخہ 2025 کو میرے دستخط سے جاری کیا گیا۔ بحکم عدالت سول جج و فیملی جج ضلع ملیر کراچی۔ ایڈیشنل سیشن جج ضلع شرقی کراچی۔
STF
بذریعہ اشتہار ہذا مدعا علیہ کو مطلع کیا جاتا ہے کہ مدعیہ نے عدالت میں دعویٰ دائر کیا ہے جس کی سماعت مقررہ تاریخ پر ہوگی لہٰذا آپ کو ہدایت کی جاتی ہے کہ مقررہ تاریخ کو بوقت دس بجے صبح بذات خود یا بذریعہ وکیل عدالت میں حاضر ہوں بصورت دیگر کارروائی یکطرفہ عمل میں لائی جائے گی۔
STF
بذریعہ اشتہار ہذا مدعا علیہ کو مطلع کیا جاتا ہے کہ مدعیہ نے عدالت میں دعویٰ دائر کیا ہے جس کی سماعت مقررہ تاریخ پر ہوگی لہٰذا آپ کو ہدایت کی جاتی ہے کہ مقررہ تاریخ کو بوقت دس بجے صبح بذات خود یا بذریعہ وکیل عدالت میں حاضر ہوں بصورت دیگر کارروائی یکطرفہ عمل میں لائی جائے گی۔
مہر عدالت آج مورخہ 2025 کو میرے دستخط سے جاری کیا گیا۔ بحکم عدالت سول جج و فیملی جج ضلع ملیر کراچی۔ ایڈیشنل سیشن جج ضلع شرقی کراچی۔
STF
بذریعہ اشتہار ہذا مدعا علیہ کو مطلع کیا جاتا ہے کہ مدعیہ نے عدالت میں دعویٰ دائر کیا ہے جس کی سماعت مقررہ تاریخ پر ہوگی لہٰذا آپ کو ہدایت کی جاتی ہے کہ مقررہ تاریخ کو بوقت دس بجے صبح بذات خود یا بذریعہ وکیل عدالت میں حاضر ہوں بصورت دیگر کارروائی یکطرفہ عمل میں لائی جائے گی۔
STF
کورٹ نوٹس
بذریعہ اشتہار ہذا مدعا علیہ کو مطلع کیا جاتا ہے کہ مدعیہ نے عدالت میں دعویٰ دائر کیا ہے جس کی سماعت مقررہ تاریخ پر ہوگی لہٰذا آپ کو ہدایت کی جاتی ہے کہ مقررہ تاریخ کو بوقت دس بجے صبح بذات خود یا بذریعہ وکیل عدالت میں حاضر ہوں بصورت دیگر کارروائی یکطرفہ عمل میں لائی جائے گی۔
مہر عدالت آج مورخہ 2025 کو میرے دستخط سے جاری کیا گیا۔ بحکم عدالت سول جج و فیملی جج ضلع ملیر کراچی۔ ایڈیشنل سیشن جج ضلع شرقی کراچی۔
STF
بذریعہ اشتہار ہذا مدعا علیہ کو مطلع کیا جاتا ہے کہ مدعیہ نے عدالت میں دعویٰ دائر کیا ہے جس کی سماعت مقررہ تاریخ پر ہوگی لہٰذا آپ کو ہدایت کی جاتی ہے کہ مقررہ تاریخ کو بوقت دس بجے صبح بذات خود یا بذریعہ وکیل عدالت میں حاضر ہوں بصورت دیگر کارروائی یکطرفہ عمل میں لائی جائے گی۔
STF
بذریعہ اشتہار ہذا مدعا علیہ کو مطلع کیا جاتا ہے کہ مدعیہ نے عدالت میں دعویٰ دائر کیا ہے جس کی سماعت مقررہ تاریخ پر ہوگی لہٰذا آپ کو ہدایت کی جاتی ہے کہ مقررہ تاریخ کو بوقت دس بجے صبح بذات خود یا بذریعہ وکیل عدالت میں حاضر ہوں بصورت دیگر کارروائی یکطرفہ عمل میں لائی جائے گی۔
مہر عدالت آج مورخہ 2025 کو میرے دستخط سے جاری کیا گیا۔ بحکم عدالت سول جج و فیملی جج ضلع ملیر کراچی۔ ایڈیشنل سیشن جج ضلع شرقی کراچی۔
STF
بذریعہ اشتہار ہذا مدعا علیہ کو مطلع کیا جاتا ہے کہ مدعیہ نے عدالت میں دعویٰ دائر کیا ہے جس کی سماعت مقررہ تاریخ پر ہوگی لہٰذا آپ کو ہدایت کی جاتی ہے کہ مقررہ تاریخ کو بوقت دس بجے صبح بذات خود یا بذریعہ وکیل عدالت میں حاضر ہوں بصورت دیگر کارروائی یکطرفہ عمل میں لائی جائے گی۔
STF
بذریعہ اشتہار ہذا مدعا علیہ کو مطلع کیا جاتا ہے کہ مدعیہ نے عدالت میں دعویٰ دائر کیا ہے جس کی سماعت مقررہ تاریخ پر ہوگی لہٰذا آپ کو ہدایت کی جاتی ہے کہ مقررہ تاریخ کو بوقت دس بجے صبح بذات خود یا بذریعہ وکیل عدالت میں حاضر ہوں بصورت دیگر کارروائی یکطرفہ عمل میں لائی جائے گی۔
مہر عدالت آج مورخہ 2025 کو میرے دستخط سے جاری کیا گیا۔ بحکم عدالت سول جج و فیملی جج ضلع ملیر کراچی۔ ایڈیشنل سیشن جج ضلع شرقی کراچی۔
STF
بذریعہ اشتہار ہذا مدعا علیہ کو مطلع کیا جاتا ہے کہ مدعیہ نے عدالت میں دعویٰ دائر کیا ہے جس کی سماعت مقررہ تاریخ پر ہوگی لہٰذا آپ کو ہدایت کی جاتی ہے کہ مقررہ تاریخ کو بوقت دس بجے صبح بذات خود یا بذریعہ وکیل عدالت میں حاضر ہوں بصورت دیگر کارروائی یکطرفہ عمل میں لائی جائے گی۔
STF
بذریعہ اشتہار ہذا مدعا علیہ کو مطلع کیا جاتا ہے کہ مدعیہ نے عدالت میں دعویٰ دائر کیا ہے جس کی سماعت مقررہ تاریخ پر ہوگی لہٰذا آپ کو ہدایت کی جاتی ہے کہ مقررہ تاریخ کو بوقت دس بجے صبح بذات خود یا بذریعہ وکیل عدالت میں حاضر ہوں بصورت دیگر کارروائی یکطرفہ عمل میں لائی جائے گی۔
مہر عدالت آج مورخہ 2025 کو میرے دستخط سے جاری کیا گیا۔ بحکم عدالت سول جج و فیملی جج ضلع ملیر کراچی۔ ایڈیشنل سیشن جج ضلع شرقی کراچی۔
STF
بذریعہ اشتہار ہذا مدعا علیہ کو مطلع کیا جاتا ہے کہ مدعیہ نے عدالت میں دعویٰ دائر کیا ہے جس کی سماعت مقررہ تاریخ پر ہوگی لہٰذا آپ کو ہدایت کی جاتی ہے کہ مقررہ تاریخ کو بوقت دس بجے صبح بذات خود یا بذریعہ وکیل عدالت میں حاضر ہوں بصورت دیگر کارروائی یکطرفہ عمل میں لائی جائے گی۔
STF
بذریعہ اشتہار ہذا مدعا علیہ کو مطلع کیا جاتا ہے کہ مدعیہ نے عدالت میں دعویٰ دائر کیا ہے جس کی سماعت مقررہ تاریخ پر ہوگی لہٰذا آپ کو ہدایت کی جاتی ہے کہ مقررہ تاریخ کو بوقت دس بجے صبح بذات خود یا بذریعہ وکیل عدالت میں حاضر ہوں بصورت دیگر کارروائی یکطرفہ عمل میں لائی جائے گی۔
STF
